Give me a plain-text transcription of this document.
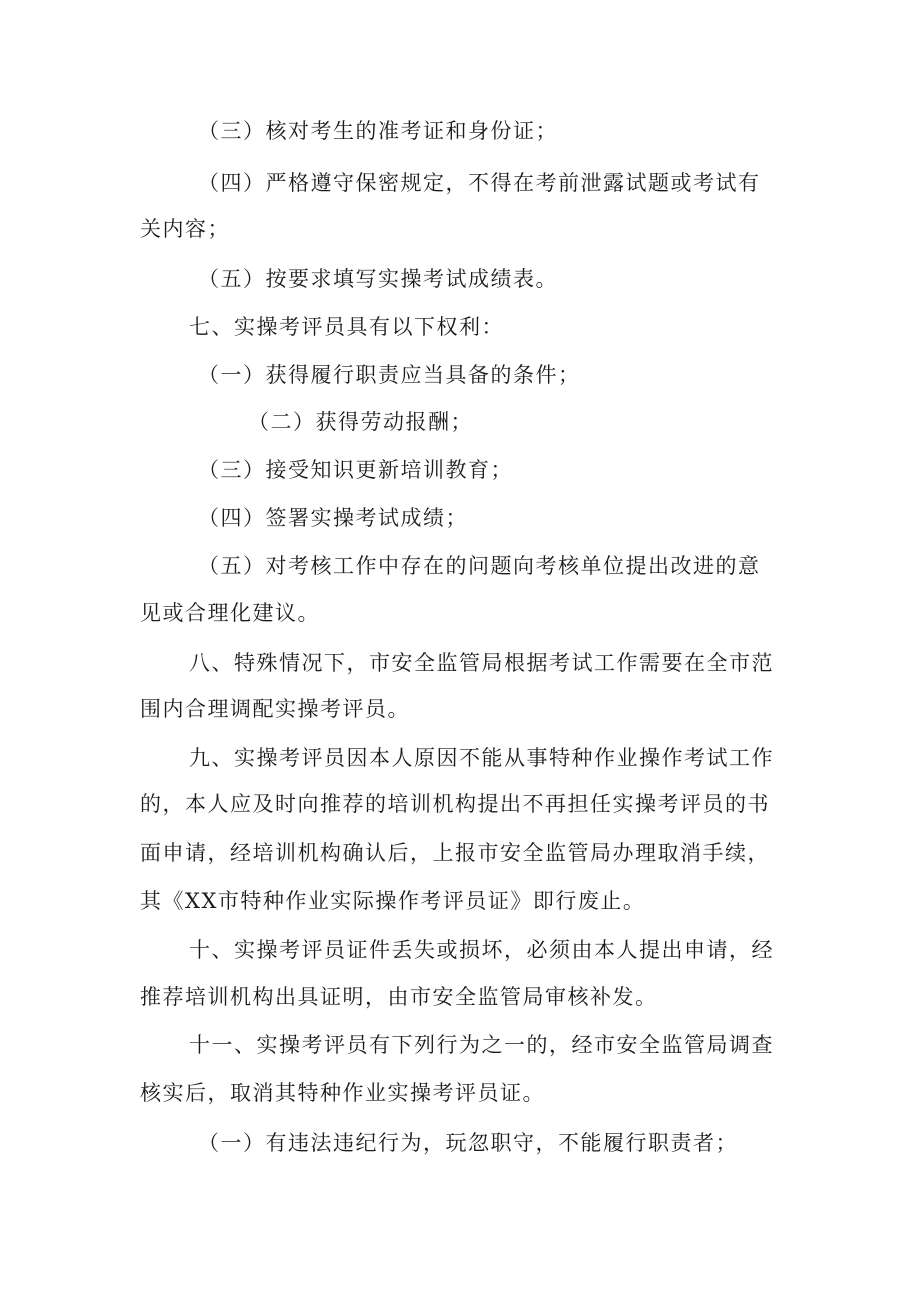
（三）核对考生的准考证和身份证；
（四）严格遵守保密规定，不得在考前泄露试题或考试有
关内容；
（五）按要求填写实操考试成绩表。
七、实操考评员具有以下权利：
（一）获得履行职责应当具备的条件；
（二）获得劳动报酬；
（三）接受知识更新培训教育；
（四）签署实操考试成绩；
（五）对考核工作中存在的问题向考核单位提出改进的意
见或合理化建议。
八、特殊情况下，市安全监管局根据考试工作需要在全市范
围内合理调配实操考评员。
九、实操考评员因本人原因不能从事特种作业操作考试工作
的，本人应及时向推荐的培训机构提出不再担任实操考评员的书
面申请，经培训机构确认后，上报市安全监管局办理取消手续，
其《XX市特种作业实际操作考评员证》即行废止。
十、实操考评员证件丢失或损坏，必须由本人提出申请，经
推荐培训机构出具证明，由市安全监管局审核补发。
十一、实操考评员有下列行为之一的，经市安全监管局调查
核实后，取消其特种作业实操考评员证。
（一）有违法违纪行为，玩忽职守，不能履行职责者；
